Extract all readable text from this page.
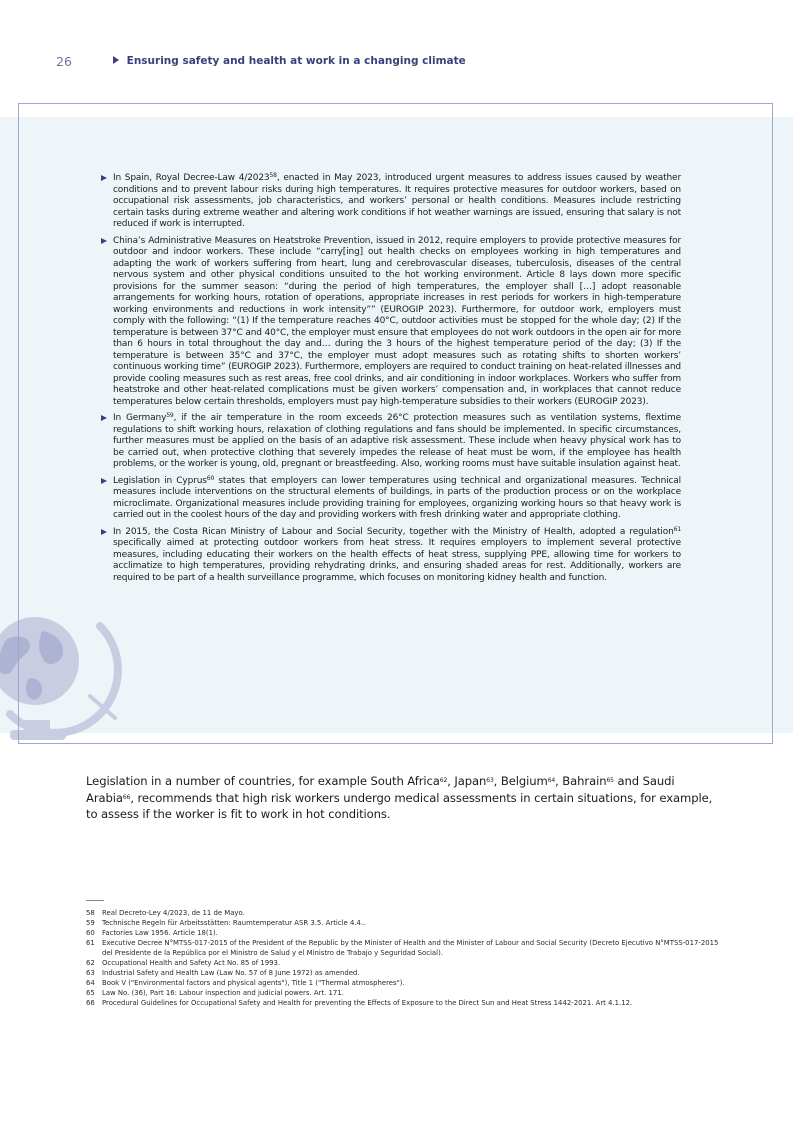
26	Ensuring safety and health at work in a changing climate
In Spain, Royal Decree-Law 4/2023$^{58}$, enacted in May 2023, introduced urgent measures to address issues caused by weather conditions and to prevent labour risks during high temperatures. It requires protective measures for outdoor workers, based on occupational risk assessments, job characteristics, and workers’ personal or health conditions. Measures include restricting certain tasks during extreme weather and altering work conditions if hot weather warnings are issued, ensuring that salary is not reduced if work is interrupted.
China’s Administrative Measures on Heatstroke Prevention, issued in 2012, require employers to provide protective measures for outdoor and indoor workers. These include “carry[ing] out health checks on employees working in high temperatures and adapting the work of workers suffering from heart, lung and cerebrovascular diseases, tuberculosis, diseases of the central nervous system and other physical conditions unsuited to the hot working environment. Article 8 lays down more specific provisions for the summer season: “during the period of high temperatures, the employer shall […] adopt reasonable arrangements for working hours, rotation of operations, appropriate increases in rest periods for workers in high-temperature working environments and reductions in work intensity”” (EUROGIP 2023). Furthermore, for outdoor work, employers must comply with the following: “(1) If the temperature reaches 40°C, outdoor activities must be stopped for the whole day; (2) If the temperature is between 37°C and 40°C, the employer must ensure that employees do not work outdoors in the open air for more than 6 hours in total throughout the day and… during the 3 hours of the highest temperature period of the day; (3) If the temperature is between 35°C and 37°C, the employer must adopt measures such as rotating shifts to shorten workers’ continuous working time” (EUROGIP 2023). Furthermore, employers are required to conduct training on heat-related illnesses and provide cooling measures such as rest areas, free cool drinks, and air conditioning in indoor workplaces. Workers who suffer from heatstroke and other heat-related complications must be given workers’ compensation and, in workplaces that cannot reduce temperatures below certain thresholds, employers must pay high-temperature subsidies to their workers (EUROGIP 2023).
In Germany$^{59}$, if the air temperature in the room exceeds 26°C protection measures such as ventilation systems, flextime regulations to shift working hours, relaxation of clothing regulations and fans should be implemented. In specific circumstances, further measures must be applied on the basis of an adaptive risk assessment. These include when heavy physical work has to be carried out, when protective clothing that severely impedes the release of heat must be worn, if the employee has health problems, or the worker is young, old, pregnant or breastfeeding. Also, working rooms must have suitable insulation against heat.
Legislation in Cyprus$^{60}$ states that employers can lower temperatures using technical and organizational measures. Technical measures include interventions on the structural elements of buildings, in parts of the production process or on the workplace microclimate. Organizational measures include providing training for employees, organizing working hours so that heavy work is carried out in the coolest hours of the day and providing workers with fresh drinking water and appropriate clothing.
In 2015, the Costa Rican Ministry of Labour and Social Security, together with the Ministry of Health, adopted a regulation$^{61}$ specifically aimed at protecting outdoor workers from heat stress. It requires employers to implement several protective measures, including educating their workers on the health effects of heat stress, supplying PPE, allowing time for workers to acclimatize to high temperatures, providing rehydrating drinks, and ensuring shaded areas for rest. Additionally, workers are required to be part of a health surveillance programme, which focuses on monitoring kidney health and function.

Legislation in a number of countries, for example South Africa$^{62}$, Japan$^{63}$, Belgium$^{64}$, Bahrain$^{65}$ and Saudi Arabia$^{66}$, recommends that high risk workers undergo medical assessments in certain situations, for example, to assess if the worker is fit to work in hot conditions.

58	Real Decreto-Ley 4/2023, de 11 de Mayo.
59	Technische Regeln für Arbeitsstätten: Raumtemperatur ASR 3.5. Article 4.4..
60	Factories Law 1956. Article 18(1).
61	Executive Decree N°MTSS-017-2015 of the President of the Republic by the Minister of Health and the Minister of Labour and Social Security (Decreto Ejecutivo N°MTSS-017-2015 del Presidente de la República por el Ministro de Salud y el Ministro de Trabajo y Seguridad Social).
62	Occupational Health and Safety Act No. 85 of 1993.
63	Industrial Safety and Health Law (Law No. 57 of 8 June 1972) as amended.
64	Book V ("Environmental factors and physical agents"), Title 1 ("Thermal atmospheres").
65	Law No. (36), Part 16: Labour inspection and judicial powers. Art. 171.
66	Procedural Guidelines for Occupational Safety and Health for preventing the Effects of Exposure to the Direct Sun and Heat Stress 1442-2021. Art 4.1.12.
